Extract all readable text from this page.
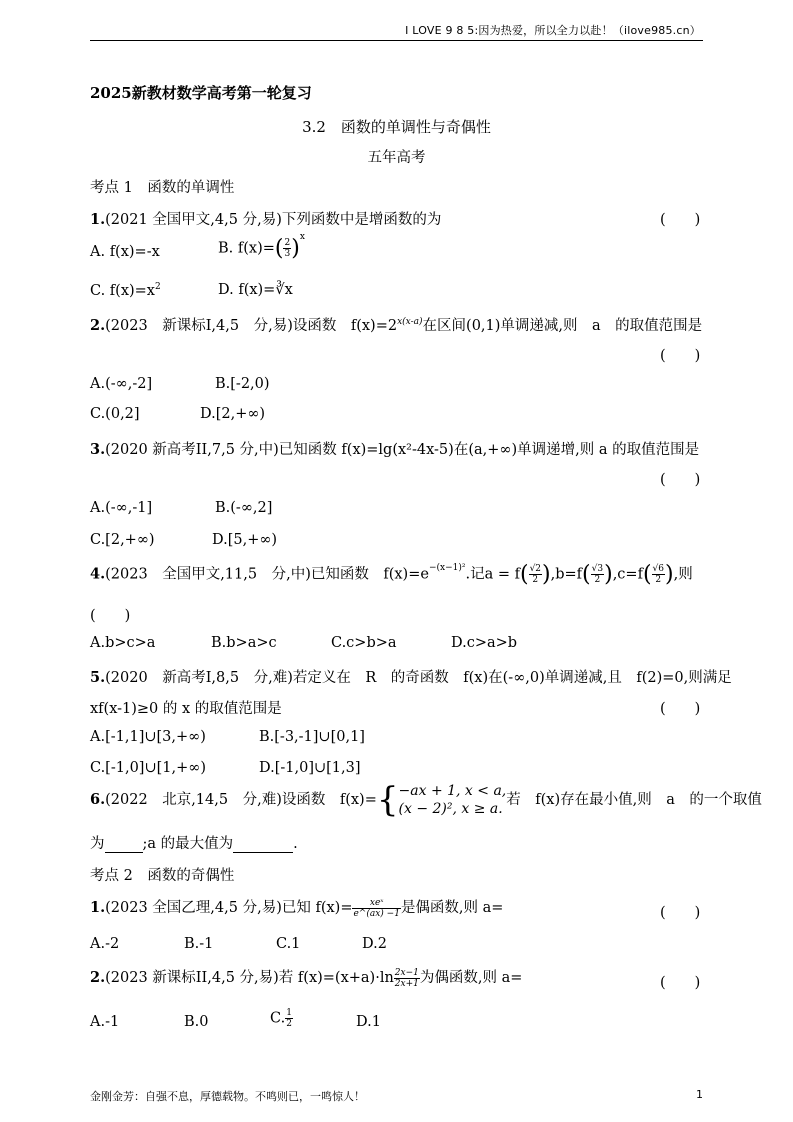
I LOVE 9 8 5:因为热爱，所以全力以赴！（ilove985.cn）
2025新教材数学高考第一轮复习
3.2　函数的单调性与奇偶性
五年高考
考点 1　函数的单调性
1.(2021 全国甲文,4,5 分,易)下列函数中是增函数的为	(　　)
A. f(x)=-x	B. $f(x)=( \frac{2}{3} )^x$
C. $f(x)=x^2$	D. f(x)=∛x
2.(2023　新课标I,4,5　分,易)设函数　$f(x)=2^{x(x-a)}$在区间(0,1)单调递减,则　a　的取值范围是
(　　)
A.(-∞,-2]	B.[-2,0)
C.(0,2]	D.[2,+∞)
3.(2020 新高考II,7,5 分,中)已知函数 f(x)=lg(x²-4x-5)在(a,+∞)单调递增,则 a 的取值范围是
(　　)
A.(-∞,-1]	B.(-∞,2]
C.[2,+∞)	D.[5,+∞)
4.(2023　全国甲文,11,5　分,中)已知函数　$f(x)=e^{-(x-1)^2}$.记$a = f( \frac{√2}{2} ),b=f( \frac{√3}{2} ),c=f( \frac{√6}{2}$ ),则
(　　)
A.b>c>a	B.b>a>c	C.c>b>a	D.c>a>b
5.(2020　新高考I,8,5　分,难)若定义在　R　的奇函数　f(x)在(-∞,0)单调递减,且　f(2)=0,则满足
xf(x-1)≥0 的 x 的取值范围是	(　　)
A.[-1,1]∪[3,+∞)	B.[-3,-1]∪[0,1]
C.[-1,0]∪[1,+∞)	D.[-1,0]∪[1,3]
6.(2022　北京,14,5　分,难)设函数　f(x)={ −ax + 1, x < a,
(x − 2)², x ≥ a.
若　f(x)存在最小值,则　a　的一个取值
为	;a 的最大值为	.
考点 2　函数的奇偶性
1.(2023 全国乙理,4,5 分,易)已知 $f(x)= \frac{\text{xeˣ}}{e\^{}(ax) -1}$ 是偶函数,则 a=	(　　)
A.-2	B.-1	C.1	D.2
2.(2023 新课标II,4,5 分,易)若 $f(x)=(x+a)\cdot\ln \frac{2x-1}{2x+1}$ 为偶函数,则 a=	(　　)
A.-1	B.0	C. $\frac{1}{2}$	D.1
金刚金芳：自强不息，厚德载物。不鸣则已，一鸣惊人！	1
